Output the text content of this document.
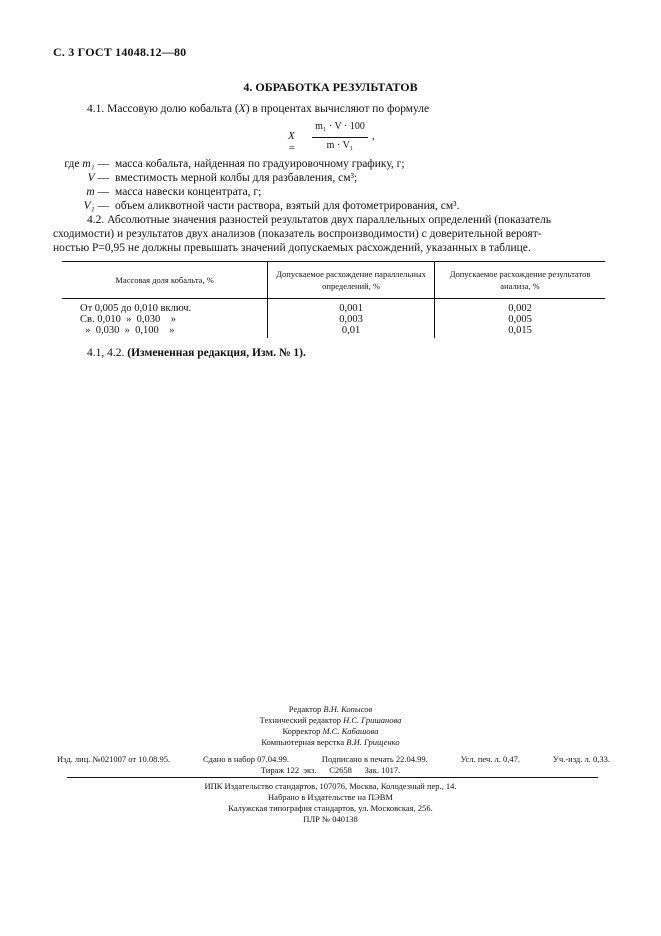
С. 3 ГОСТ 14048.12—80
4. ОБРАБОТКА РЕЗУЛЬТАТОВ
4.1. Массовую долю кобальта (X) в процентах вычисляют по формуле
X =
m₁ · V · 100
m · V₁
,
где m₁ — масса кобальта, найденная по градуировочному графику, г;
V — вместимость мерной колбы для разбавления, см³;
m — масса навески концентрата, г;
V₁ — объем аликвотной части раствора, взятый для фотометрирования, см³.
4.2. Абсолютные значения разностей результатов двух параллельных определений (показатель
сходимости) и результатов двух анализов (показатель воспроизводимости) с доверительной вероят-
ностью P=0,95 не должны превышать значений допускаемых расхождений, указанных в таблице.
Массовая доля кобальта, %	Допускаемое расхождение параллельных определений, %	Допускаемое расхождение результатов анализа, %
От 0,005 до 0,010 включ.	0,001	0,002
Св. 0,010  »  0,030    »	0,003	0,005
»  0,030  »  0,100    »	0,01	0,015
4.1, 4.2. (Измененная редакция, Изм. № 1).
Редактор В.Н. Копысов
Технический редактор Н.С. Гришанова
Корректор М.С. Кабашова
Компьютерная верстка В.И. Грищенко
Изд. лиц. №021007 от 10.08.95.	Сдано в набор 07.04.99.	Подписано в печать 22.04.99.	Усл. печ. л. 0,47.	Уч.-изд. л. 0,33.
Тираж 122  экз.      С2658      Зак. 1017.
ИПК Издательство стандартов, 107076, Москва, Колодезный пер., 14.
Набрано в Издательстве на ПЭВМ
Калужская типография стандартов, ул. Московская, 256.
ПЛР № 040138
